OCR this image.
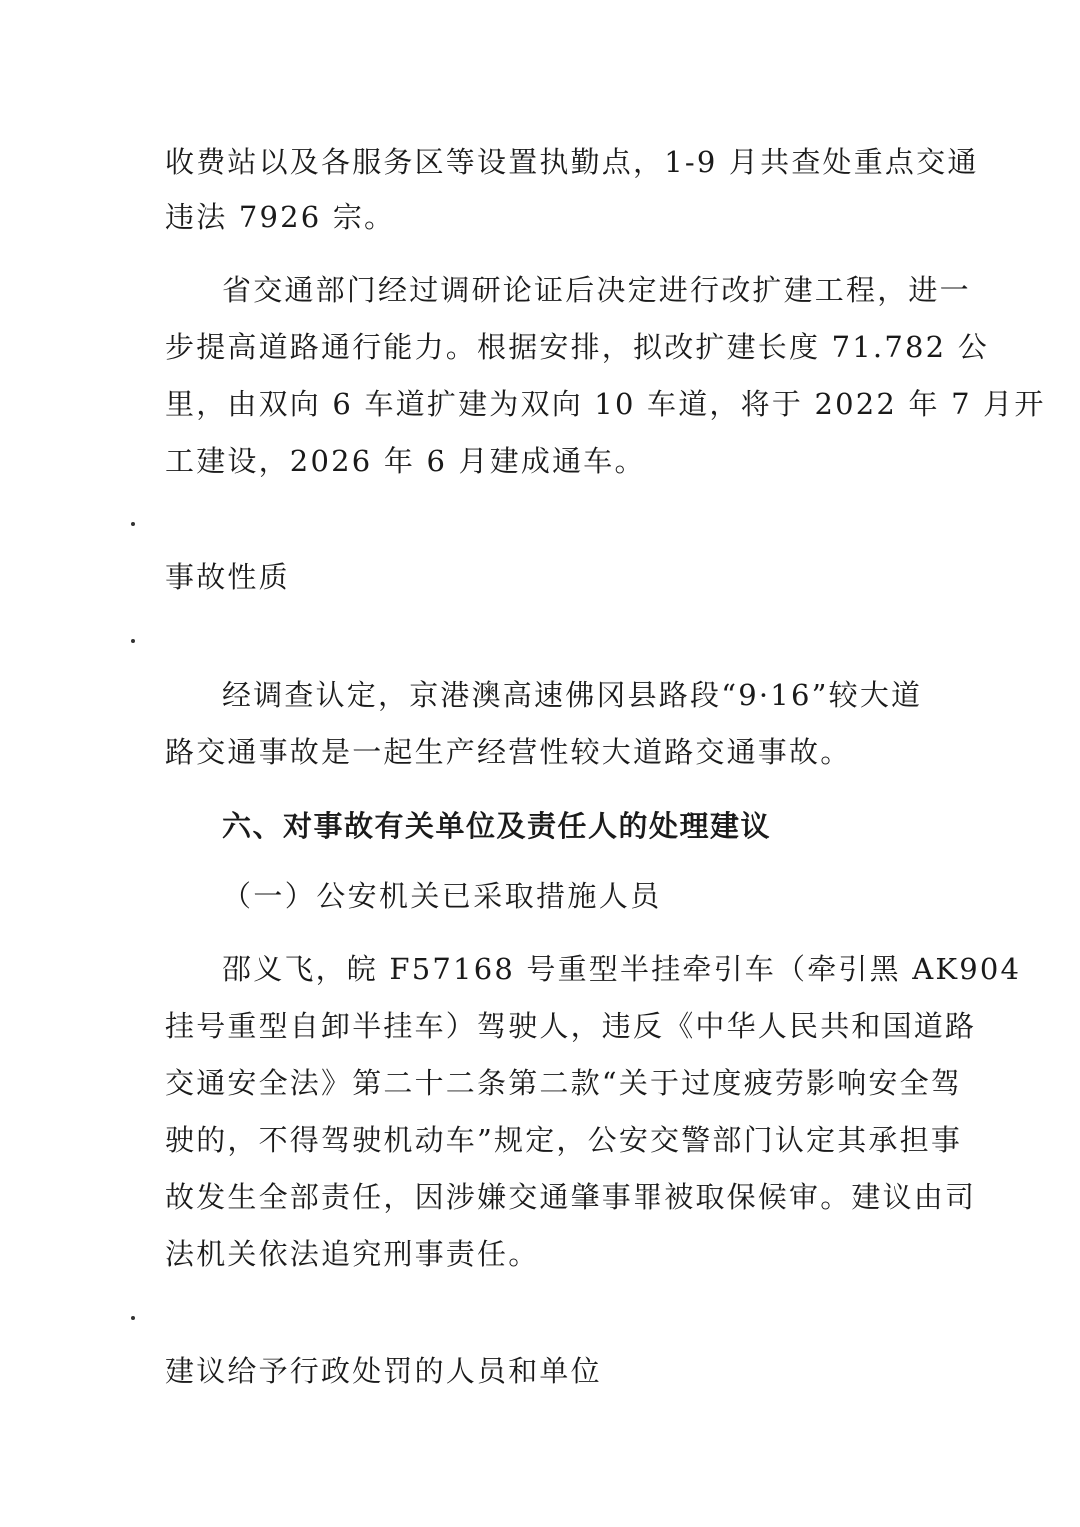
收费站以及各服务区等设置执勤点，1-9 月共查处重点交通
违法 7926 宗。
省交通部门经过调研论证后决定进行改扩建工程，进一
步提高道路通行能力。根据安排，拟改扩建长度 71.782 公
里，由双向 6 车道扩建为双向 10 车道，将于 2022 年 7 月开
工建设，2026 年 6 月建成通车。
事故性质
经调查认定，京港澳高速佛冈县路段“9·16”较大道
路交通事故是一起生产经营性较大道路交通事故。
六、对事故有关单位及责任人的处理建议
（一）公安机关已采取措施人员
邵义飞，皖 F57168 号重型半挂牵引车（牵引黑 AK904
挂号重型自卸半挂车）驾驶人，违反《中华人民共和国道路
交通安全法》第二十二条第二款“关于过度疲劳影响安全驾
驶的，不得驾驶机动车”规定，公安交警部门认定其承担事
故发生全部责任，因涉嫌交通肇事罪被取保候审。建议由司
法机关依法追究刑事责任。
建议给予行政处罚的人员和单位
